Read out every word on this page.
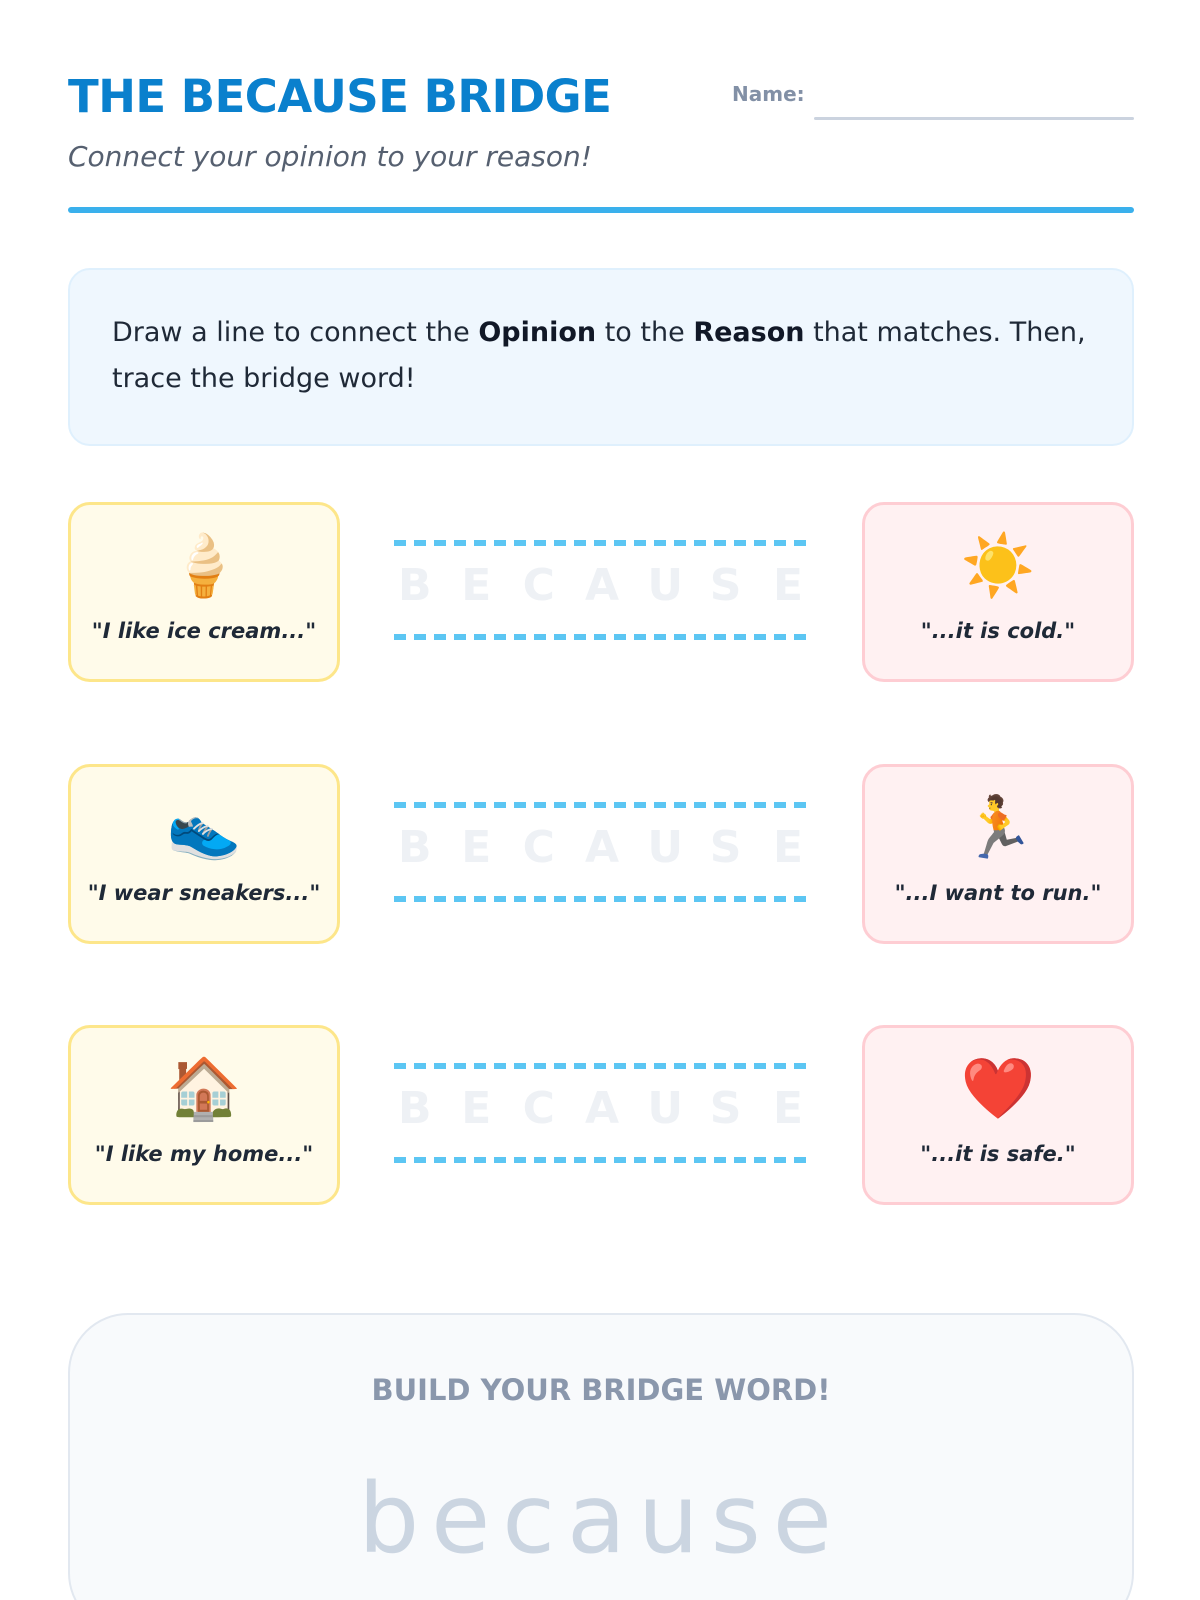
THE BECAUSE BRIDGE
Connect your opinion to your reason!
Name:

Draw a line to connect the Opinion to the Reason that matches. Then, trace the bridge word!

🍦
"I like ice cream..."
B E C A U S E	☀️
"...it is cold."
👟
"I wear sneakers..."
B E C A U S E	🏃
"...I want to run."
🏠
"I like my home..."
B E C A U S E	❤️
"...it is safe."
BUILD YOUR BRIDGE WORD!
because
